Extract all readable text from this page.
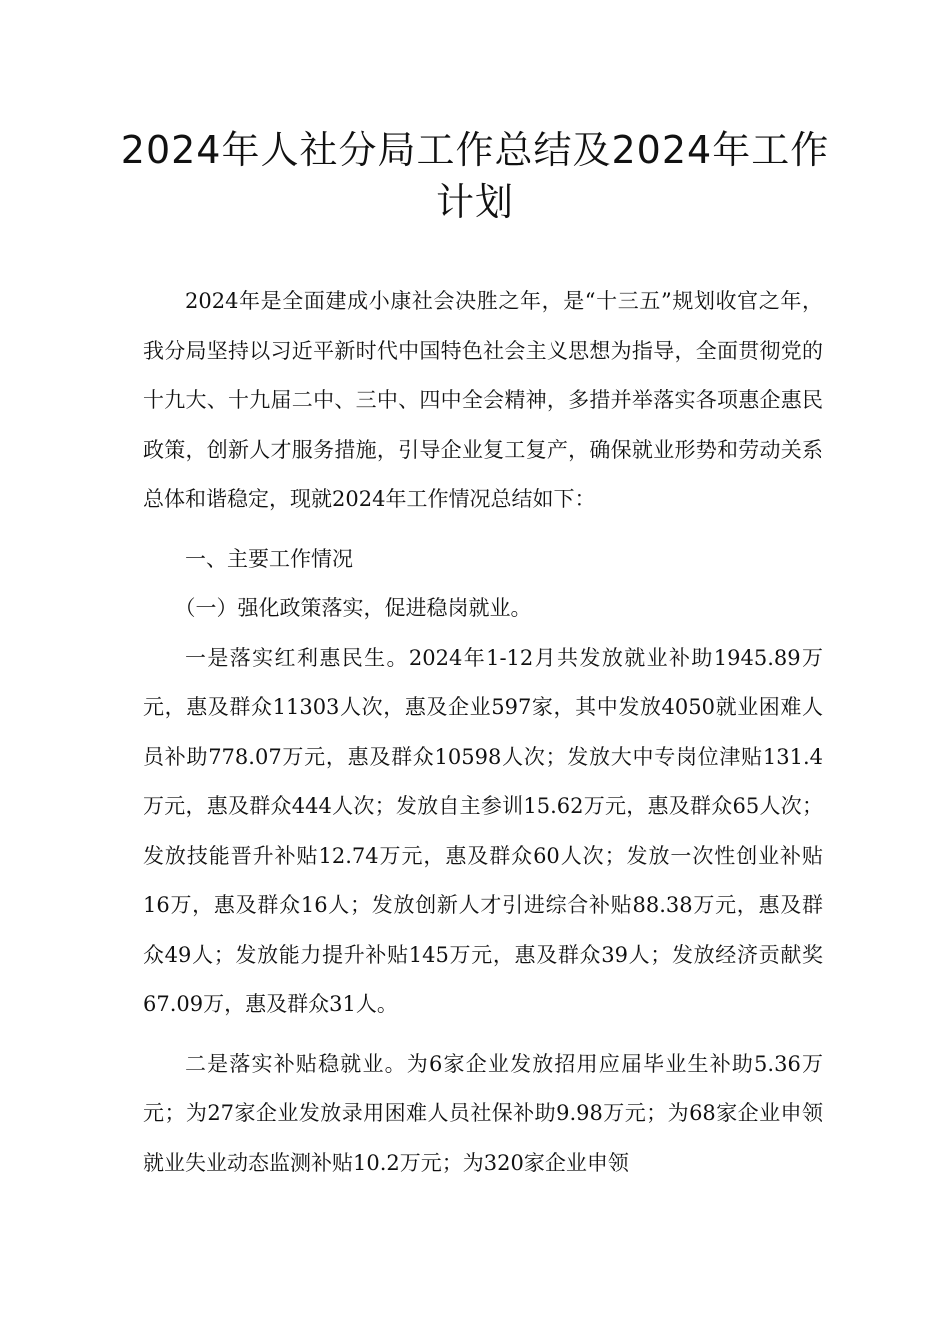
2024年人社分局工作总结及2024年工作计划

2024年是全面建成小康社会决胜之年，是“十三五”规划收官之年，我分局坚持以习近平新时代中国特色社会主义思想为指导，全面贯彻党的十九大、十九届二中、三中、四中全会精神，多措并举落实各项惠企惠民政策，创新人才服务措施，引导企业复工复产，确保就业形势和劳动关系总体和谐稳定，现就2024年工作情况总结如下：

一、主要工作情况

（一）强化政策落实，促进稳岗就业。

一是落实红利惠民生。2024年1-12月共发放就业补助1945.89万元，惠及群众11303人次，惠及企业597家，其中发放4050就业困难人员补助778.07万元，惠及群众10598人次；发放大中专岗位津贴131.4万元，惠及群众444人次；发放自主参训15.62万元，惠及群众65人次；发放技能晋升补贴12.74万元，惠及群众60人次；发放一次性创业补贴16万，惠及群众16人；发放创新人才引进综合补贴88.38万元，惠及群众49人；发放能力提升补贴145万元，惠及群众39人；发放经济贡献奖67.09万，惠及群众31人。

二是落实补贴稳就业。为6家企业发放招用应届毕业生补助5.36万元；为27家企业发放录用困难人员社保补助9.98万元；为68家企业申领就业失业动态监测补贴10.2万元；为320家企业申领
